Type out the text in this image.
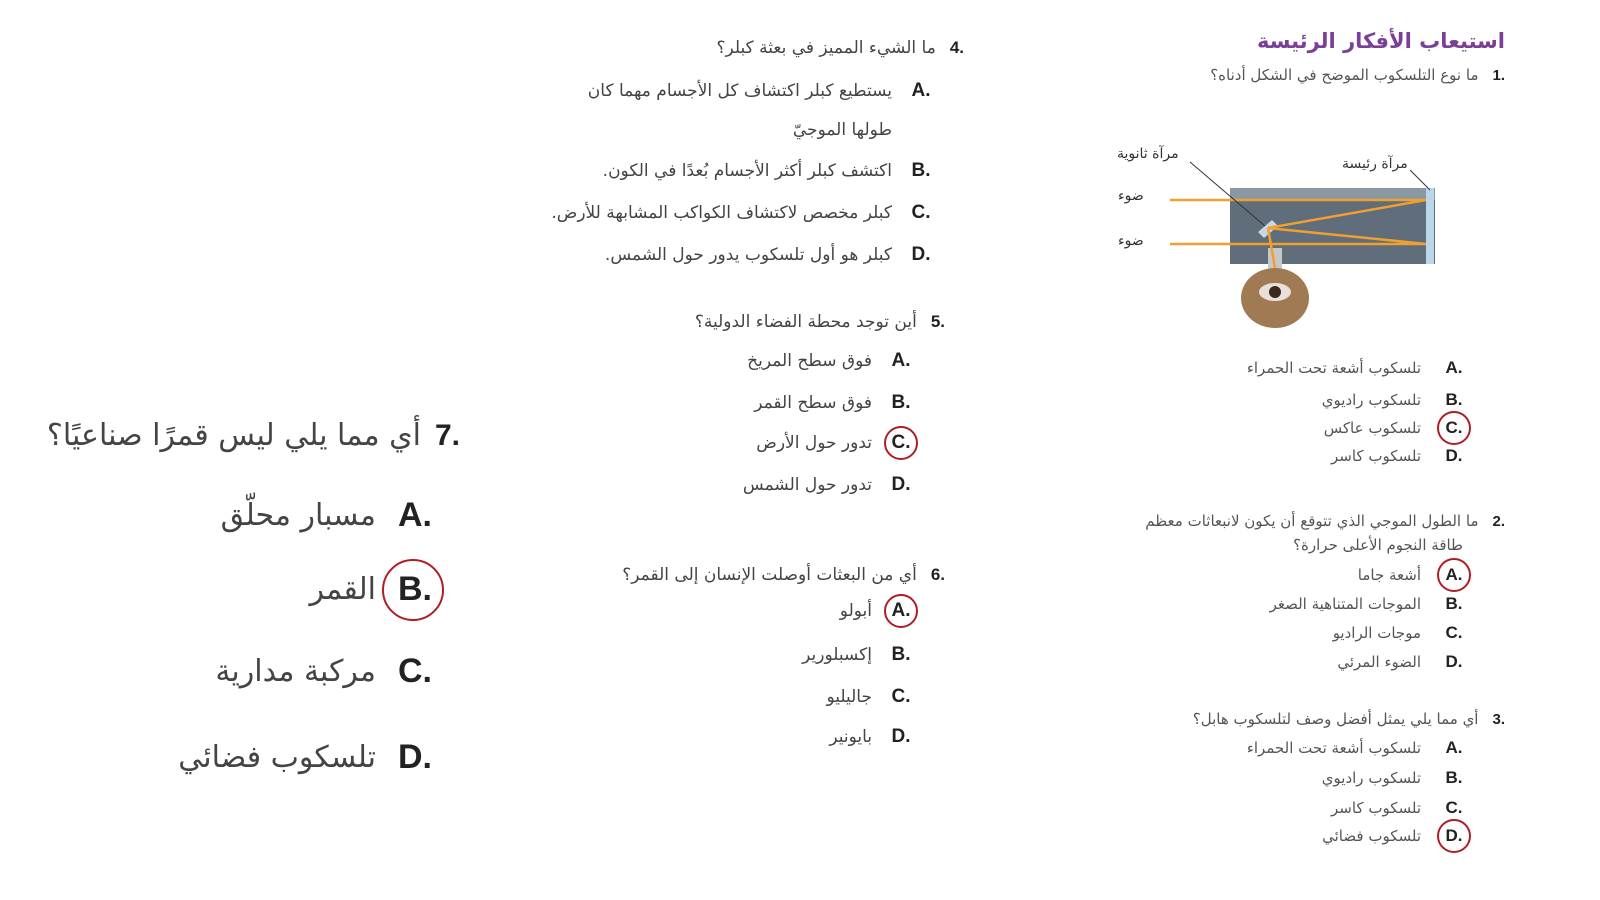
استيعاب الأفكار الرئيسة
1.
ما نوع التلسكوب الموضح في الشكل أدناه؟
مرآة ثانوية
مرآة رئيسة
ضوء
ضوء
A.
تلسكوب أشعة تحت الحمراء
B.
تلسكوب راديوي
C.
تلسكوب عاكس
D.
تلسكوب كاسر
2.
ما الطول الموجي الذي تتوقع أن يكون لانبعاثات معظم
طاقة النجوم الأعلى حرارة؟
A.
أشعة جاما
B.
الموجات المتناهية الصغر
C.
موجات الراديو
D.
الضوء المرئي
3.
أي مما يلي يمثل أفضل وصف لتلسكوب هابل؟
A.
تلسكوب أشعة تحت الحمراء
B.
تلسكوب راديوي
C.
تلسكوب كاسر
D.
تلسكوب فضائي
4.
ما الشيء المميز في بعثة كبلر؟
A.
يستطيع كبلر اكتشاف كل الأجسام مهما كان
طولها الموجيّ
B.
اكتشف كبلر أكثر الأجسام بُعدًا في الكون.
C.
كبلر مخصص لاكتشاف الكواكب المشابهة للأرض.
D.
كبلر هو أول تلسكوب يدور حول الشمس.
5.
أين توجد محطة الفضاء الدولية؟
A.
فوق سطح المريخ
B.
فوق سطح القمر
C.
تدور حول الأرض
D.
تدور حول الشمس
6.
أي من البعثات أوصلت الإنسان إلى القمر؟
A.
أبولو
B.
إكسبلورير
C.
جاليليو
D.
بايونير
7.
أي مما يلي ليس قمرًا صناعيًا؟
A.
مسبار محلّق
B.
القمر
C.
مركبة مدارية
D.
تلسكوب فضائي
